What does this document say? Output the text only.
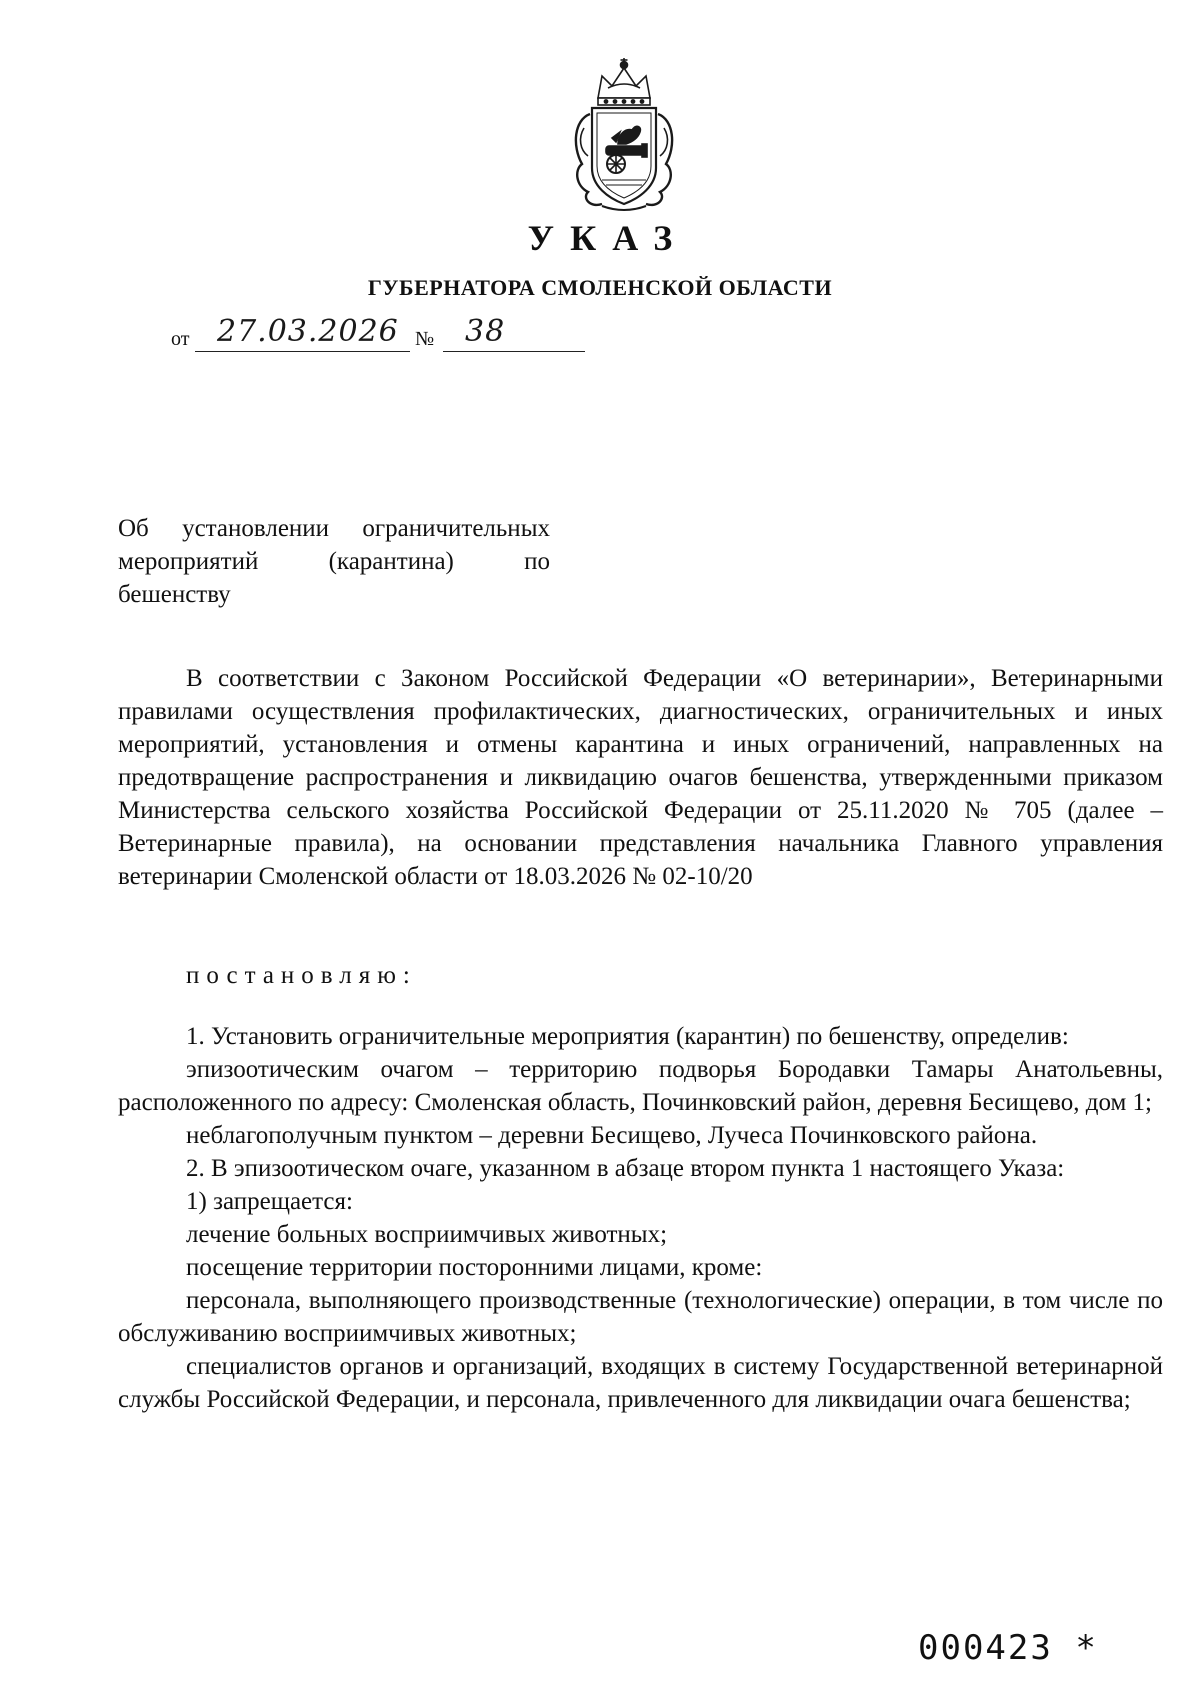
УКАЗ
ГУБЕРНАТОРА СМОЛЕНСКОЙ ОБЛАСТИ
от 27.03.2026 № 38
Об установлении ограничительных
мероприятий (карантина) по
бешенству

В соответствии с Законом Российской Федерации «О ветеринарии», Ветеринарными правилами осуществления профилактических, диагностических, ограничительных и иных мероприятий, установления и отмены карантина и иных ограничений, направленных на предотвращение распространения и ликвидацию очагов бешенства, утвержденными приказом Министерства сельского хозяйства Российской Федерации от 25.11.2020 № 705 (далее – Ветеринарные правила), на основании представления начальника Главного управления ветеринарии Смоленской области от 18.03.2026 № 02-10/20

постановляю:

1. Установить ограничительные мероприятия (карантин) по бешенству, определив:

эпизоотическим очагом – территорию подворья Бородавки Тамары Анатольевны, расположенного по адресу: Смоленская область, Починковский район, деревня Бесищево, дом 1;

неблагополучным пунктом – деревни Бесищево, Лучеса Починковского района.

2. В эпизоотическом очаге, указанном в абзаце втором пункта 1 настоящего Указа:

1) запрещается:

лечение больных восприимчивых животных;

посещение территории посторонними лицами, кроме:

персонала, выполняющего производственные (технологические) операции, в том числе по обслуживанию восприимчивых животных;

специалистов органов и организаций, входящих в систему Государственной ветеринарной службы Российской Федерации, и персонала, привлеченного для ликвидации очага бешенства;

000423 *
